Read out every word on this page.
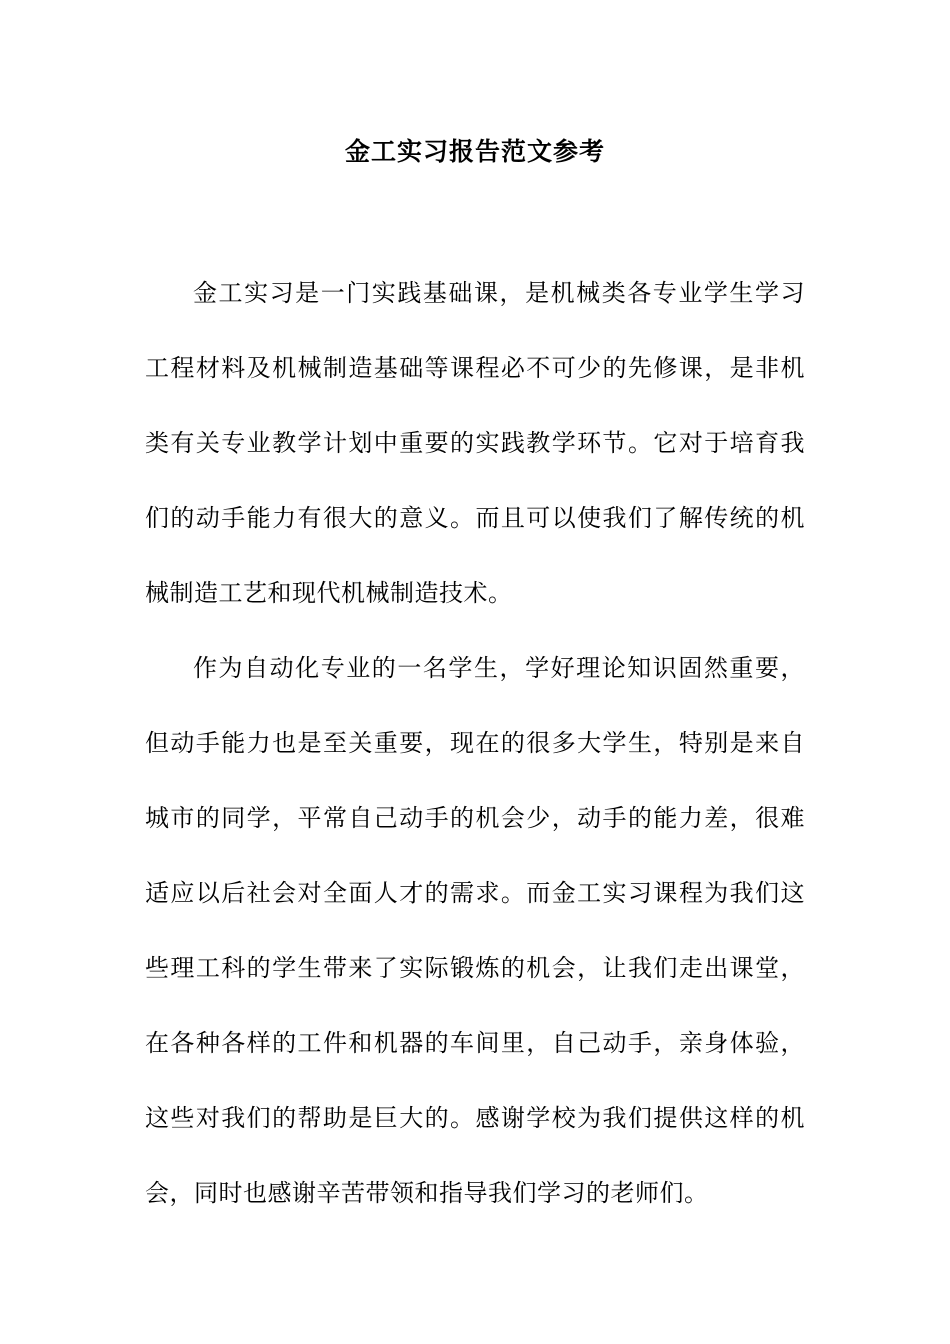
金工实习报告范文参考

金工实习是一门实践基础课，是机械类各专业学生学习工程材料及机械制造基础等课程必不可少的先修课，是非机类有关专业教学计划中重要的实践教学环节。它对于培育我们的动手能力有很大的意义。而且可以使我们了解传统的机械制造工艺和现代机械制造技术。

作为自动化专业的一名学生，学好理论知识固然重要，但动手能力也是至关重要，现在的很多大学生，特别是来自城市的同学，平常自己动手的机会少，动手的能力差，很难适应以后社会对全面人才的需求。而金工实习课程为我们这些理工科的学生带来了实际锻炼的机会，让我们走出课堂，在各种各样的工件和机器的车间里，自己动手，亲身体验，这些对我们的帮助是巨大的。感谢学校为我们提供这样的机会，同时也感谢辛苦带领和指导我们学习的老师们。
